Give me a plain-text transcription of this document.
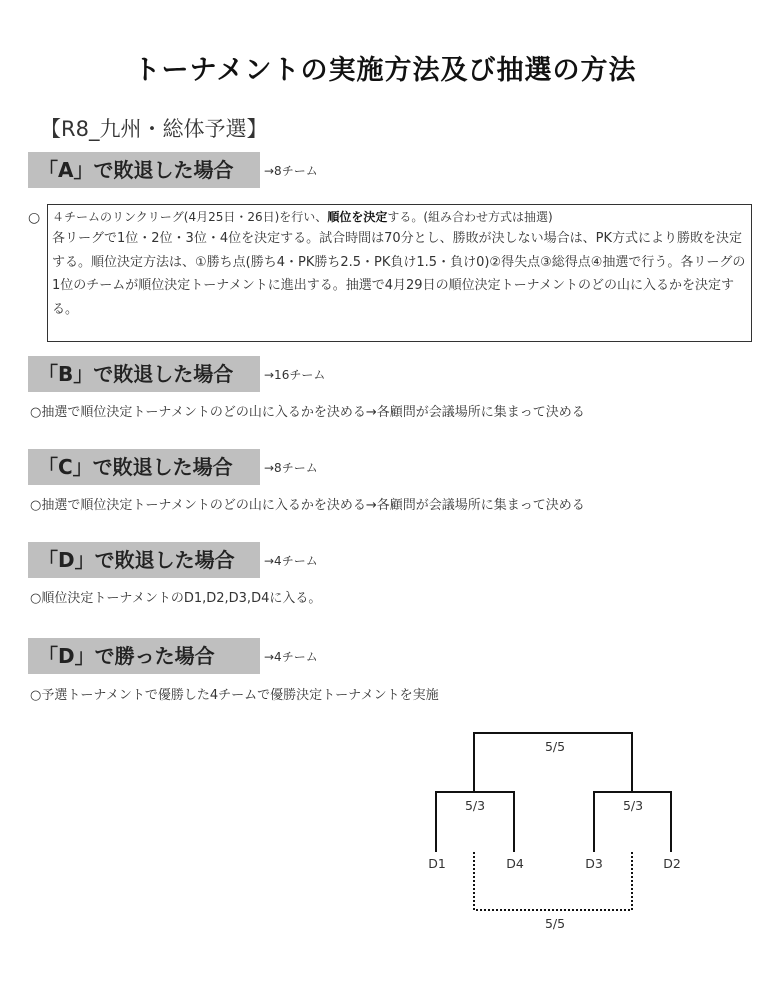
トーナメントの実施方法及び抽選の方法
【R8_九州・総体予選】
「A」で敗退した場合	→8チーム
○ ４チームのリンクリーグ(4月25日・26日)を行い、順位を決定する。(組み合わせ方式は抽選)
各リーグで1位・2位・3位・4位を決定する。試合時間は70分とし、勝敗が決しない場合は、PK方式により勝敗を決定する。順位決定方法は、①勝ち点(勝ち4・PK勝ち2.5・PK負け1.5・負け0)②得失点③総得点④抽選で行う。各リーグの1位のチームが順位決定トーナメントに進出する。抽選で4月29日の順位決定トーナメントのどの山に入るかを決定する。
「B」で敗退した場合	→16チーム
○抽選で順位決定トーナメントのどの山に入るかを決める→各顧問が会議場所に集まって決める
「C」で敗退した場合	→8チーム
○抽選で順位決定トーナメントのどの山に入るかを決める→各顧問が会議場所に集まって決める
「D」で敗退した場合	→4チーム
○順位決定トーナメントのD1,D2,D3,D4に入る。
「D」で勝った場合	→4チーム
○予選トーナメントで優勝した4チームで優勝決定トーナメントを実施
5/5
5/3	5/3
D1	D4	D3	D2
5/5
